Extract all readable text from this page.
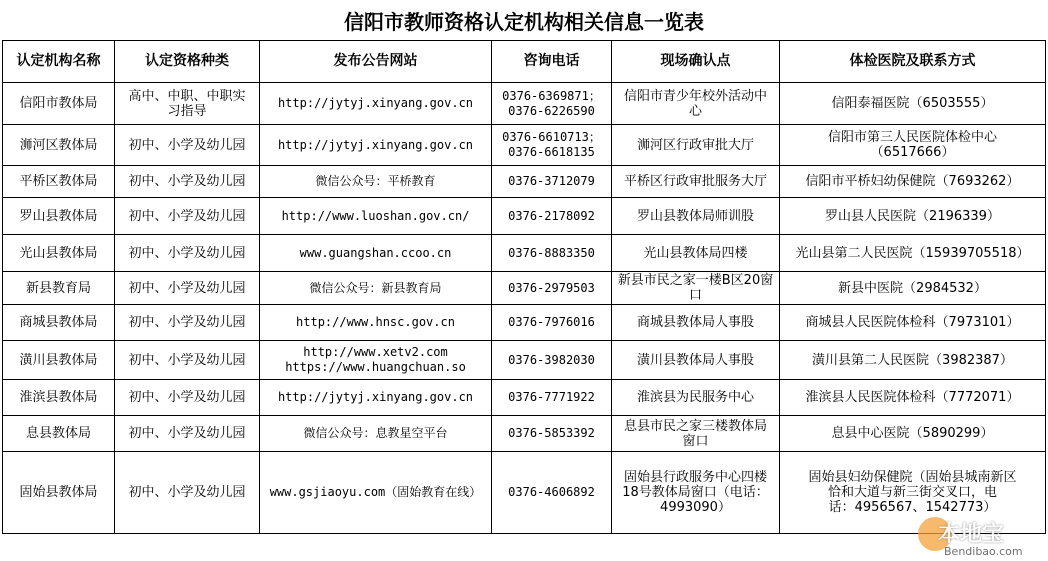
信阳市教师资格认定机构相关信息一览表
认定机构名称	认定资格种类	发布公告网站	咨询电话	现场确认点	体检医院及联系方式

信阳市教体局	高中、中职、中职实
习指导	http://jytyj.xinyang.gov.cn	0376-6369871；
0376-6226590	信阳市青少年校外活动中
心	信阳泰福医院（6503555）

浉河区教体局	初中、小学及幼儿园	http://jytyj.xinyang.gov.cn	0376-6610713；
0376-6618135	浉河区行政审批大厅	信阳市第三人民医院体检中心
（6517666）

平桥区教体局	初中、小学及幼儿园	微信公众号：平桥教育	0376-3712079	平桥区行政审批服务大厅	信阳市平桥妇幼保健院（7693262）

罗山县教体局	初中、小学及幼儿园	http://www.luoshan.gov.cn/	0376-2178092	罗山县教体局师训股	罗山县人民医院（2196339）

光山县教体局	初中、小学及幼儿园	www.guangshan.ccoo.cn	0376-8883350	光山县教体局四楼	光山县第二人民医院（15939705518）

新县教育局	初中、小学及幼儿园	微信公众号：新县教育局	0376-2979503	新县市民之家一楼B区20窗
口	新县中医院（2984532）

商城县教体局	初中、小学及幼儿园	http://www.hnsc.gov.cn	0376-7976016	商城县教体局人事股	商城县人民医院体检科（7973101）

潢川县教体局	初中、小学及幼儿园	http://www.xetv2.com
https://www.huangchuan.so	0376-3982030	潢川县教体局人事股	潢川县第二人民医院（3982387）

淮滨县教体局	初中、小学及幼儿园	http://jytyj.xinyang.gov.cn	0376-7771922	淮滨县为民服务中心	淮滨县人民医院体检科（7772071）

息县教体局	初中、小学及幼儿园	微信公众号：息教星空平台	0376-5853392	息县市民之家三楼教体局
窗口	息县中心医院（5890299）

固始县教体局	初中、小学及幼儿园	www.gsjiaoyu.com（固始教育在线）	0376-4606892	固始县行政服务中心四楼
18号教体局窗口（电话：
4993090）	固始县妇幼保健院（固始县城南新区
恰和大道与新三街交叉口，电
话：4956567、1542773）
本地宝
Bendibao.com
